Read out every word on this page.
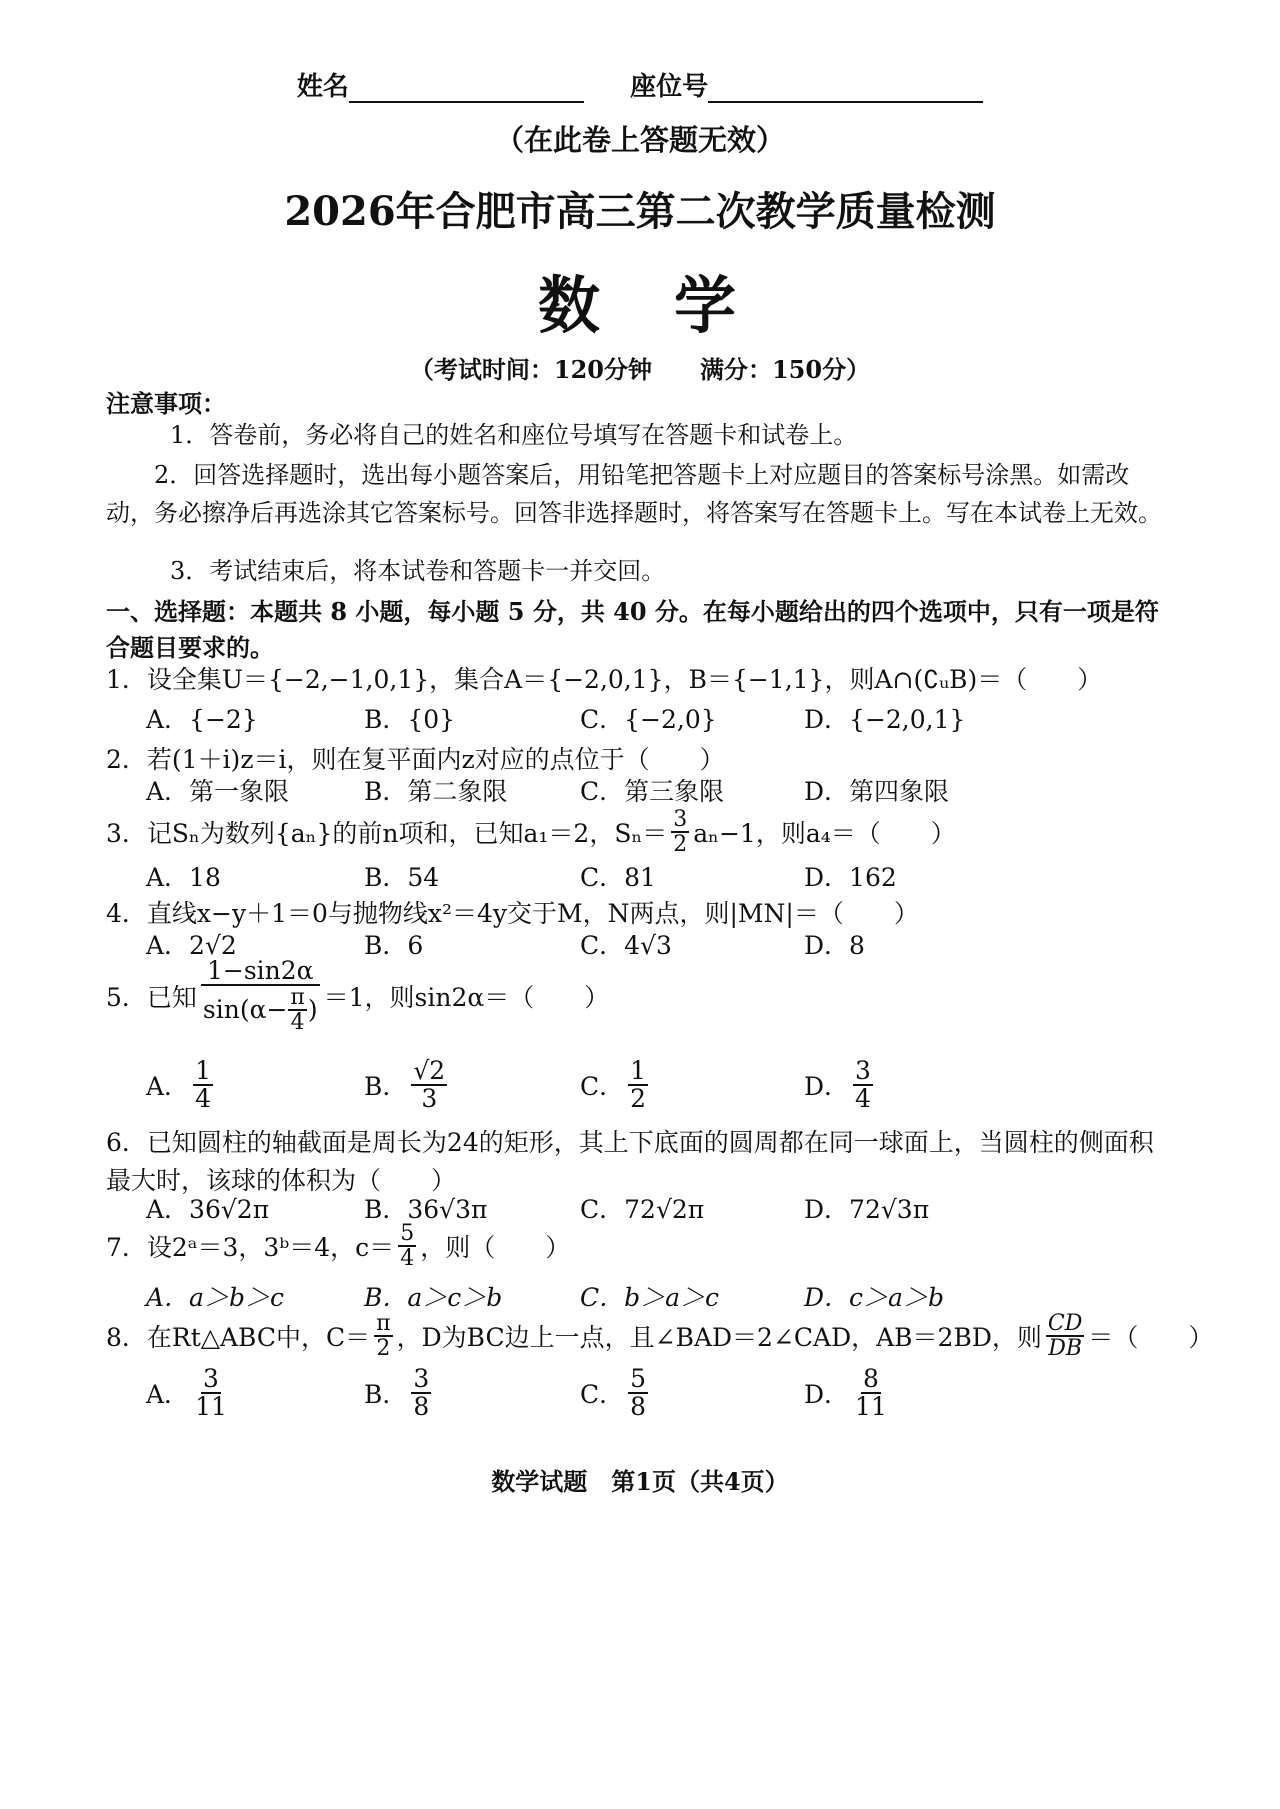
姓名	座位号
（在此卷上答题无效）
2026年合肥市高三第二次教学质量检测
数　学
（考试时间：120分钟　　满分：150分）
注意事项：
1．答卷前，务必将自己的姓名和座位号填写在答题卡和试卷上。
2．回答选择题时，选出每小题答案后，用铅笔把答题卡上对应题目的答案标号涂黑。如需改动，务必擦净后再选涂其它答案标号。回答非选择题时，将答案写在答题卡上。写在本试卷上无效。
3．考试结束后，将本试卷和答题卡一并交回。
一、选择题：本题共 8 小题，每小题 5 分，共 40 分。在每小题给出的四个选项中，只有一项是符合题目要求的。
1．设全集U＝{−2,−1,0,1}，集合A＝{−2,0,1}，B＝{−1,1}，则A∩(∁ᵤB)＝（　　）
A．{−2}	B．{0}	C．{−2,0}	D．{−2,0,1}
2．若(1＋i)z＝i，则在复平面内z对应的点位于（　　）
A．第一象限	B．第二象限	C．第三象限	D．第四象限
3．记Sₙ为数列{aₙ}的前n项和，已知a₁＝2，$S_n= \frac{3}{2} a_n-1$，则a₄＝（　　）
A．18	B．54	C．81	D．162
4．直线x−y＋1＝0与抛物线x²＝4y交于M，N两点，则|MN|＝（　　）
A．2√2	B．6	C．4√3	D．8
5．已知 $\frac{1-\sin 2\alpha}{\sin(\alpha- \frac{\pi}{4} )} =1$，则sin2α＝（　　）
A． $\frac{1}{4}$	B． $\frac{√2}{3}$	C． $\frac{1}{2}$	D． $\frac{3}{4}$
6．已知圆柱的轴截面是周长为24的矩形，其上下底面的圆周都在同一球面上，当圆柱的侧面积最大时，该球的体积为（　　）
A．36√2π	B．36√3π	C．72√2π	D．72√3π
7．设2ᵃ＝3，3ᵇ＝4，$c= \frac{5}{4}$ ，则（　　）
A．a＞b＞c	B．a＞c＞b	C．b＞a＞c	D．c＞a＞b
8．在Rt△ABC中，$C= \frac{\pi}{2}$ ，D为BC边上一点，且∠BAD＝2∠CAD，AB＝2BD，则 $\frac{CD}{DB}$ ＝（　　）
A． $\frac{3}{11}$	B． $\frac{3}{8}$	C． $\frac{5}{8}$	D． $\frac{8}{11}$
数学试题　第1页（共4页）
